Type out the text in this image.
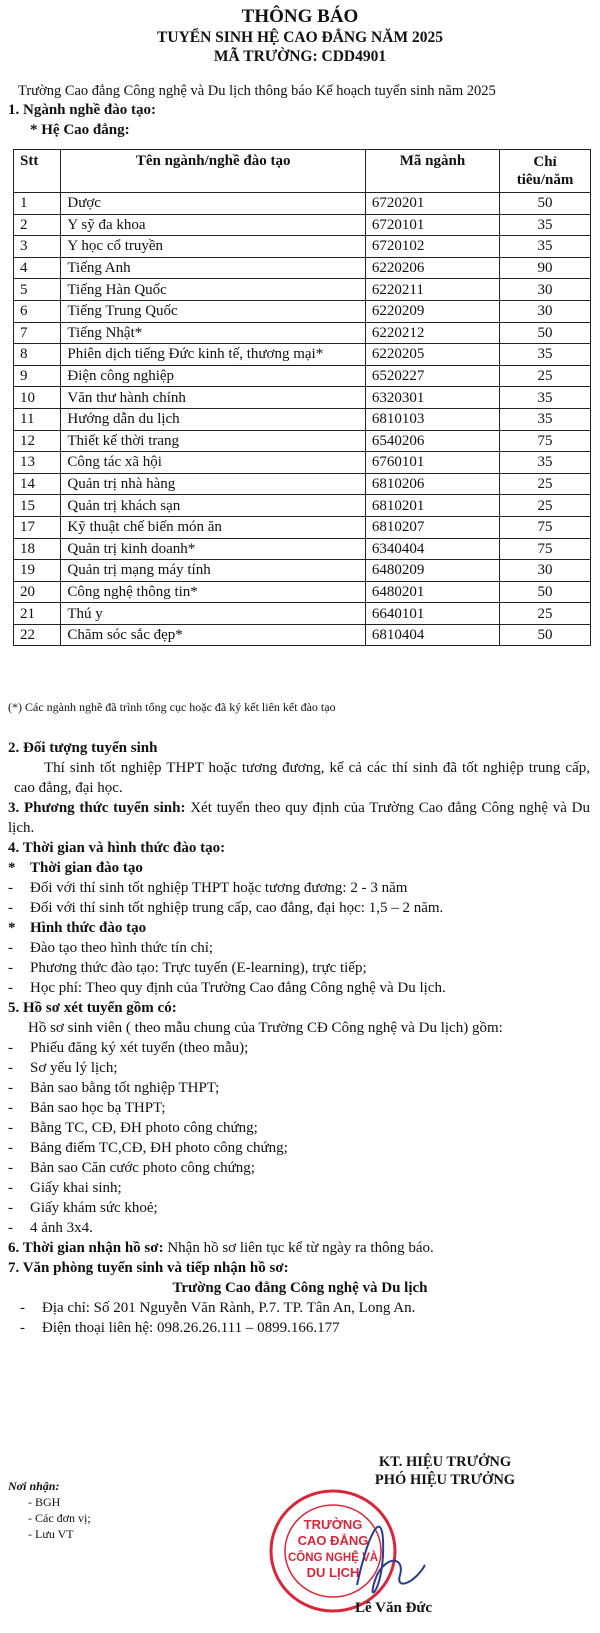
THÔNG BÁO
TUYỂN SINH HỆ CAO ĐẲNG NĂM 2025
MÃ TRƯỜNG: CDD4901
Trường Cao đẳng Công nghệ và Du lịch thông báo Kế hoạch tuyển sinh năm 2025
1. Ngành nghề đào tạo:
* Hệ Cao đẳng:
Stt	Tên ngành/nghề đào tạo	Mã ngành	Chỉ
tiêu/năm

1	Dược	6720201	50
2	Y sỹ đa khoa	6720101	35
3	Y học cổ truyền	6720102	35
4	Tiếng Anh	6220206	90
5	Tiếng Hàn Quốc	6220211	30
6	Tiếng Trung Quốc	6220209	30
7	Tiếng Nhật*	6220212	50
8	Phiên dịch tiếng Đức kinh tế, thương mại*	6220205	35
9	Điện công nghiệp	6520227	25
10	Văn thư hành chính	6320301	35
11	Hướng dẫn du lịch	6810103	35
12	Thiết kế thời trang	6540206	75
13	Công tác xã hội	6760101	35
14	Quản trị nhà hàng	6810206	25
15	Quản trị khách sạn	6810201	25
17	Kỹ thuật chế biến món ăn	6810207	75
18	Quản trị kinh doanh*	6340404	75
19	Quản trị mạng máy tính	6480209	30
20	Công nghệ thông tin*	6480201	50
21	Thú y	6640101	25
22	Chăm sóc sắc đẹp*	6810404	50
(*) Các ngành nghề đã trình tổng cục hoặc đã ký kết liên kết đào tạo
2. Đối tượng tuyển sinh
Thí sinh tốt nghiệp THPT hoặc tương đương, kể cả các thí sinh đã tốt nghiệp trung cấp, cao đẳng, đại học.
3. Phương thức tuyển sinh: Xét tuyển theo quy định của Trường Cao đẳng Công nghệ và Du lịch.
4. Thời gian và hình thức đào tạo:
* Thời gian đào tạo
- Đối với thí sinh tốt nghiệp THPT hoặc tương đương: 2 - 3 năm
- Đối với thí sinh tốt nghiệp trung cấp, cao đẳng, đại học: 1,5 – 2 năm.
* Hình thức đào tạo
- Đào tạo theo hình thức tín chỉ;
- Phương thức đào tạo: Trực tuyến (E-learning), trực tiếp;
- Học phí: Theo quy định của Trường Cao đẳng Công nghệ và Du lịch.
5. Hồ sơ xét tuyển gồm có:
Hồ sơ sinh viên ( theo mẫu chung của Trường CĐ Công nghệ và Du lịch) gồm:
- Phiếu đăng ký xét tuyển (theo mẫu);
- Sơ yếu lý lịch;
- Bản sao bằng tốt nghiệp THPT;
- Bản sao học bạ THPT;
- Bằng TC, CĐ, ĐH photo công chứng;
- Bảng điểm TC,CĐ, ĐH photo công chứng;
- Bản sao Căn cước photo công chứng;
- Giấy khai sinh;
- Giấy khám sức khoẻ;
- 4 ảnh 3x4.
6. Thời gian nhận hồ sơ: Nhận hồ sơ liên tục kể từ ngày ra thông báo.
7. Văn phòng tuyển sinh và tiếp nhận hồ sơ:
Trường Cao đẳng Công nghệ và Du lịch
- Địa chỉ: Số 201 Nguyễn Văn Rành, P.7. TP. Tân An, Long An.
- Điện thoại liên hệ: 098.26.26.111 – 0899.166.177
KT. HIỆU TRƯỞNG
PHÓ HIỆU TRƯỞNG
Nơi nhận:
- BGH
- Các đơn vị;
- Lưu VT
TRƯỜNG
CAO ĐẲNG
CÔNG NGHỆ VÀ
DU LỊCH
Lê Văn Đức
